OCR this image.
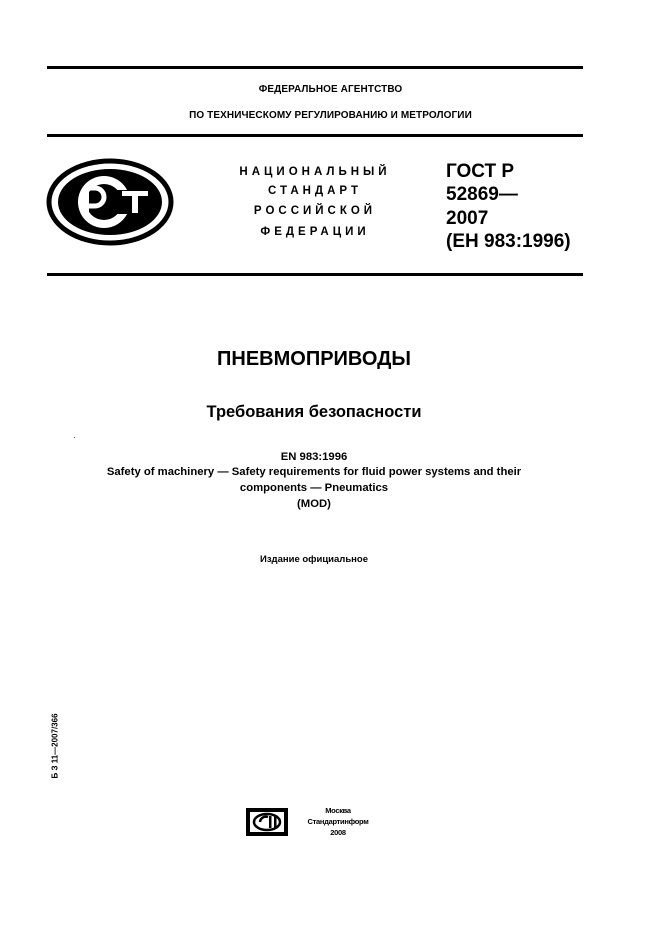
ФЕДЕРАЛЬНОЕ АГЕНТСТВО
ПО ТЕХНИЧЕСКОМУ РЕГУЛИРОВАНИЮ И МЕТРОЛОГИИ
НАЦИОНАЛЬНЫЙ
СТАНДАРТ
РОССИЙСКОЙ
ФЕДЕРАЦИИ
ГОСТ Р
52869—
2007
(ЕН 983:1996)
ПНЕВМОПРИВОДЫ
Требования безопасности
EN 983:1996
Safety of machinery — Safety requirements for fluid power systems and their
components — Pneumatics
(MOD)
Издание официальное
Б З 11—2007/366
Москва
Стандартинформ
2008
